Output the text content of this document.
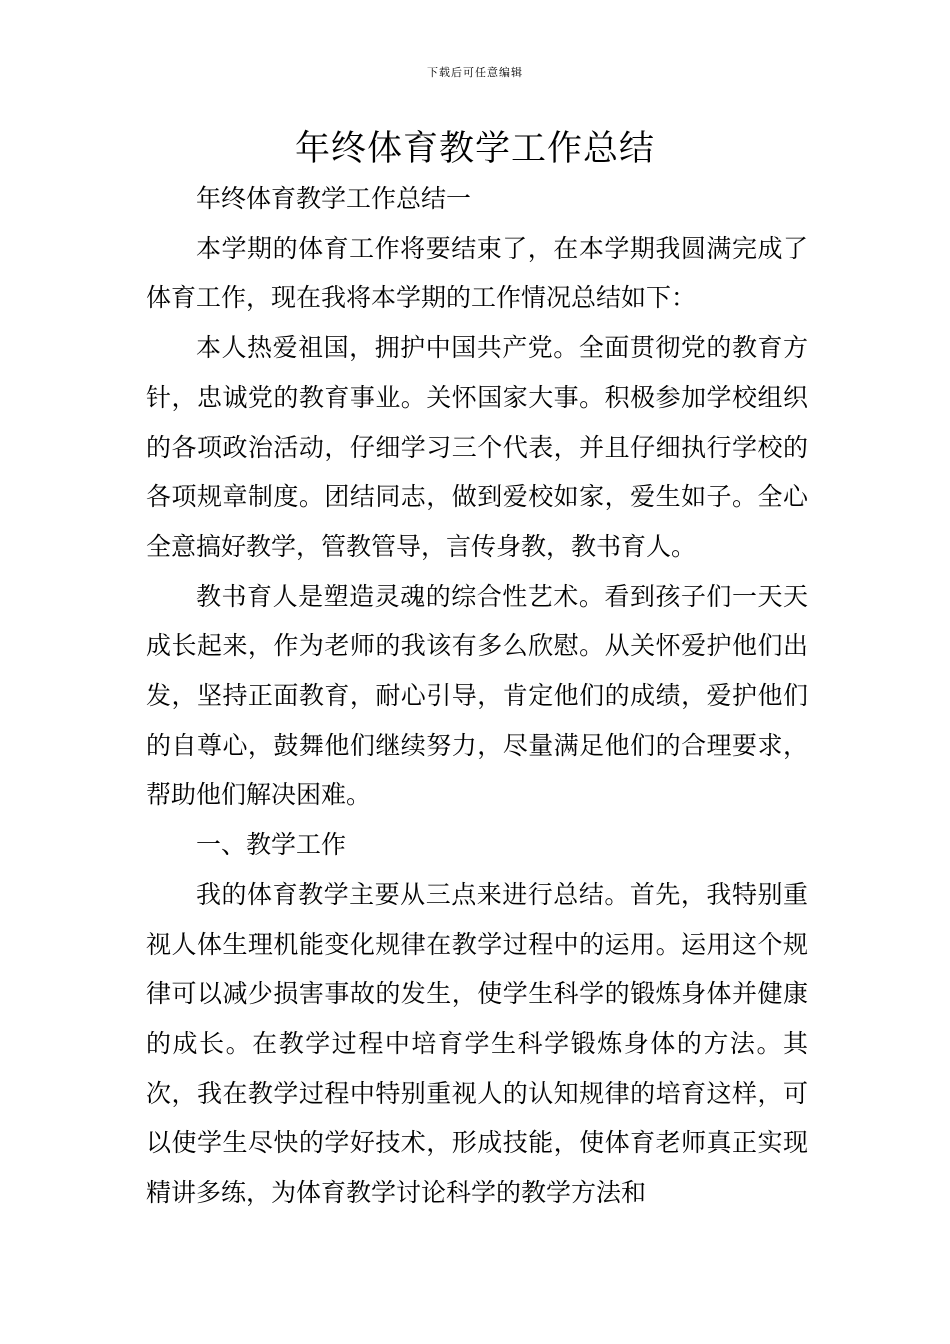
下载后可任意编辑
年终体育教学工作总结

年终体育教学工作总结一

本学期的体育工作将要结束了，在本学期我圆满完成了体育工作，现在我将本学期的工作情况总结如下：

本人热爱祖国，拥护中国共产党。全面贯彻党的教育方针，忠诚党的教育事业。关怀国家大事。积极参加学校组织的各项政治活动，仔细学习三个代表，并且仔细执行学校的各项规章制度。团结同志，做到爱校如家，爱生如子。全心全意搞好教学，管教管导，言传身教，教书育人。

教书育人是塑造灵魂的综合性艺术。看到孩子们一天天成长起来，作为老师的我该有多么欣慰。从关怀爱护他们出发，坚持正面教育，耐心引导，肯定他们的成绩，爱护他们的自尊心，鼓舞他们继续努力，尽量满足他们的合理要求，帮助他们解决困难。

一、教学工作

我的体育教学主要从三点来进行总结。首先，我特别重视人体生理机能变化规律在教学过程中的运用。运用这个规律可以减少损害事故的发生，使学生科学的锻炼身体并健康的成长。在教学过程中培育学生科学锻炼身体的方法。其次，我在教学过程中特别重视人的认知规律的培育这样，可以使学生尽快的学好技术，形成技能，使体育老师真正实现精讲多练，为体育教学讨论科学的教学方法和
